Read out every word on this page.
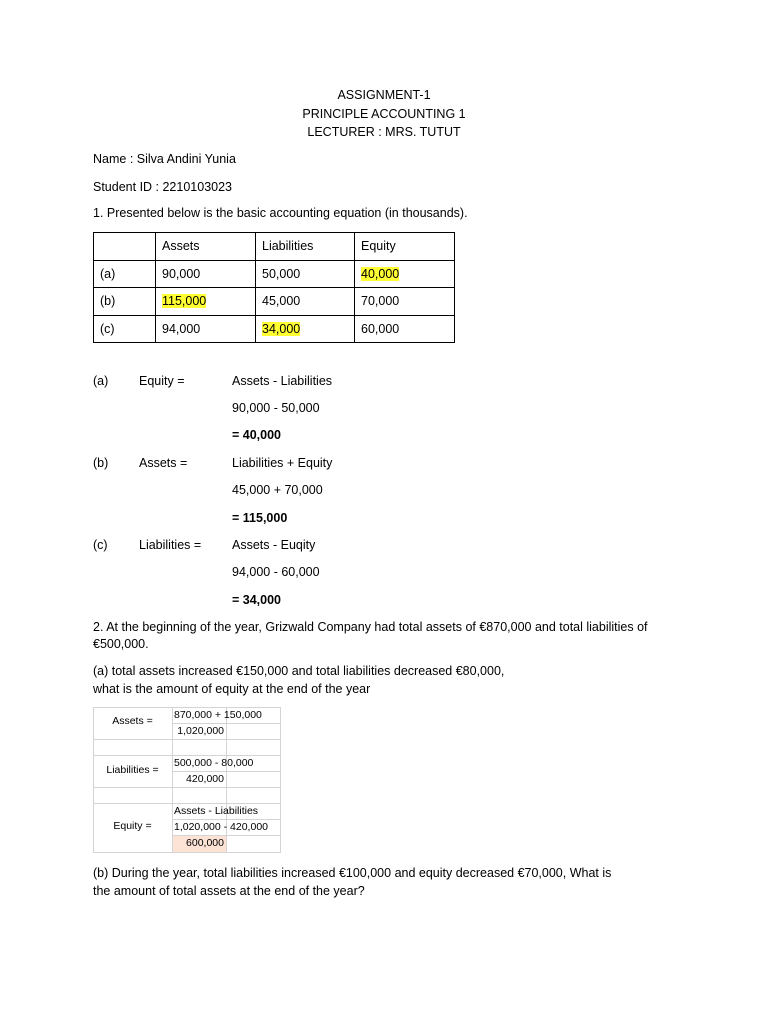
ASSIGNMENT-1
PRINCIPLE ACCOUNTING 1
LECTURER : MRS. TUTUT
Name : Silva Andini Yunia
Student ID : 2210103023
1. Presented below is the basic accounting equation (in thousands).
	Assets	Liabilities	Equity
(a)	90,000	50,000	40,000
(b)	115,000	45,000	70,000
(c)	94,000	34,000	60,000
(a) Equity =	Assets - Liabilities
90,000 - 50,000
= 40,000
(b) Assets =	Liabilities + Equity
45,000 + 70,000
= 115,000
(c)	Liabilities = Assets - Euqity
94,000 - 60,000
= 34,000
2. At the beginning of the year, Grizwald Company had total assets of €870,000 and total liabilities of
€500,000.
(a) total assets increased €150,000 and total liabilities decreased €80,000,
what is the amount of equity at the end of the year
Assets =	870,000 + 150,000
1,020,000
Liabilities =
500,000 - 80,000
420,000
Equity =
Assets - Liabilities
1,020,000 - 420,000
600,000
(b) During the year, total liabilities increased €100,000 and equity decreased €70,000, What is
the amount of total assets at the end of the year?
